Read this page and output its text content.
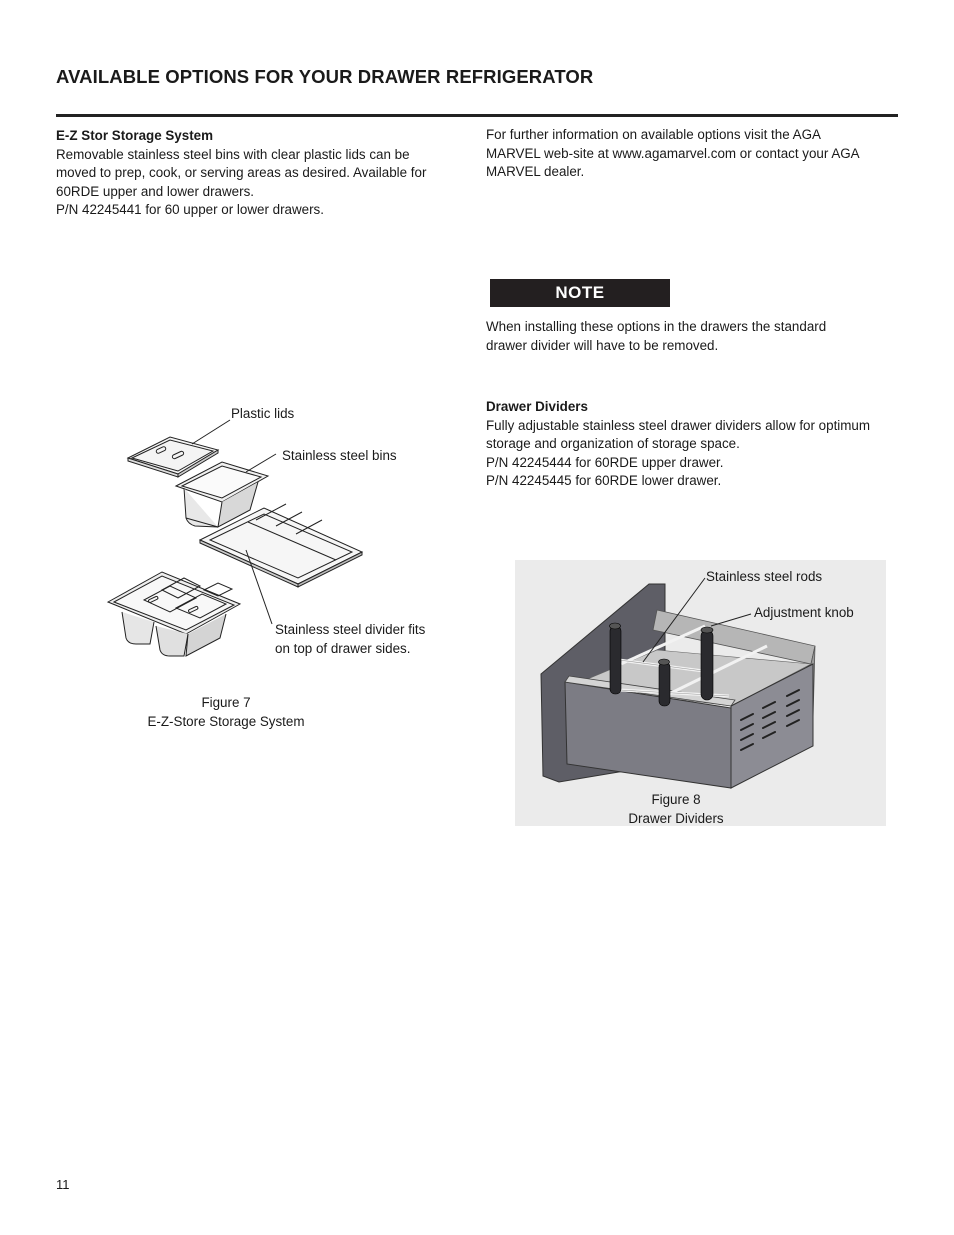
AVAILABLE OPTIONS FOR YOUR DRAWER REFRIGERATOR
E-Z Stor Storage System
Removable stainless steel bins with clear plastic lids can be
moved to prep, cook, or serving areas as desired. Available for
60RDE upper and lower drawers.
P/N 42245441 for 60 upper or lower drawers.
For further information on available options visit the AGA
MARVEL web-site at www.agamarvel.com or contact your AGA
MARVEL dealer.
NOTE
When installing these options in the drawers the standard
drawer divider will have to be removed.
Drawer Dividers
Fully adjustable stainless steel drawer dividers allow for optimum
storage and organization of storage space.
P/N 42245444 for 60RDE upper drawer.
P/N 42245445 for 60RDE lower drawer.
Plastic lids
Stainless steel bins
Stainless steel divider fits
on top of drawer sides.
Figure 7
E-Z-Store Storage System
Stainless steel rods
Adjustment knob
Figure 8
Drawer Dividers
11
